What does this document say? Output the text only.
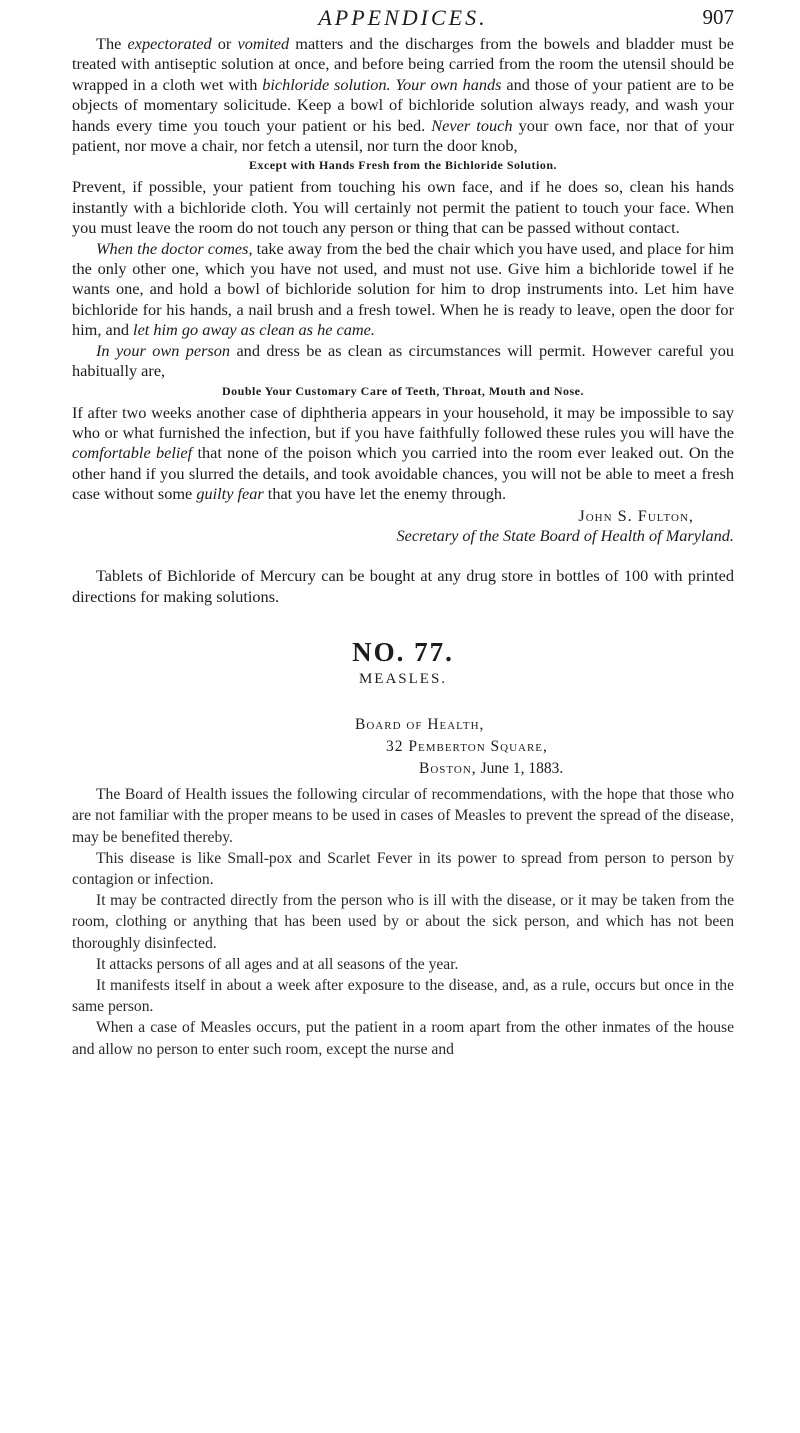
APPENDICES.	907

The expectorated or vomited matters and the discharges from the bowels and bladder must be treated with antiseptic solution at once, and before being carried from the room the utensil should be wrapped in a cloth wet with bichloride solution. Your own hands and those of your patient are to be objects of momentary solicitude. Keep a bowl of bichloride solution always ready, and wash your hands every time you touch your patient or his bed. Never touch your own face, nor that of your patient, nor move a chair, nor fetch a utensil, nor turn the door knob,

Except with Hands Fresh from the Bichloride Solution.

Prevent, if possible, your patient from touching his own face, and if he does so, clean his hands instantly with a bichloride cloth. You will certainly not permit the patient to touch your face. When you must leave the room do not touch any person or thing that can be passed without contact.

When the doctor comes, take away from the bed the chair which you have used, and place for him the only other one, which you have not used, and must not use. Give him a bichloride towel if he wants one, and hold a bowl of bichloride solution for him to drop instruments into. Let him have bichloride for his hands, a nail brush and a fresh towel. When he is ready to leave, open the door for him, and let him go away as clean as he came.

In your own person and dress be as clean as circumstances will permit. However careful you habitually are,

Double Your Customary Care of Teeth, Throat, Mouth and Nose.

If after two weeks another case of diphtheria appears in your household, it may be impossible to say who or what furnished the infection, but if you have faithfully followed these rules you will have the comfortable belief that none of the poison which you carried into the room ever leaked out. On the other hand if you slurred the details, and took avoidable chances, you will not be able to meet a fresh case without some guilty fear that you have let the enemy through.

John S. Fulton,
Secretary of the State Board of Health of Maryland.

Tablets of Bichloride of Mercury can be bought at any drug store in bottles of 100 with printed directions for making solutions.

NO. 77.
MEASLES.
Board of Health,
32 Pemberton Square,
Boston, June 1, 1883.

The Board of Health issues the following circular of recommendations, with the hope that those who are not familiar with the proper means to be used in cases of Measles to prevent the spread of the disease, may be benefited thereby.

This disease is like Small-pox and Scarlet Fever in its power to spread from person to person by contagion or infection.

It may be contracted directly from the person who is ill with the disease, or it may be taken from the room, clothing or anything that has been used by or about the sick person, and which has not been thoroughly disinfected.

It attacks persons of all ages and at all seasons of the year.

It manifests itself in about a week after exposure to the disease, and, as a rule, occurs but once in the same person.

When a case of Measles occurs, put the patient in a room apart from the other inmates of the house and allow no person to enter such room, except the nurse and
